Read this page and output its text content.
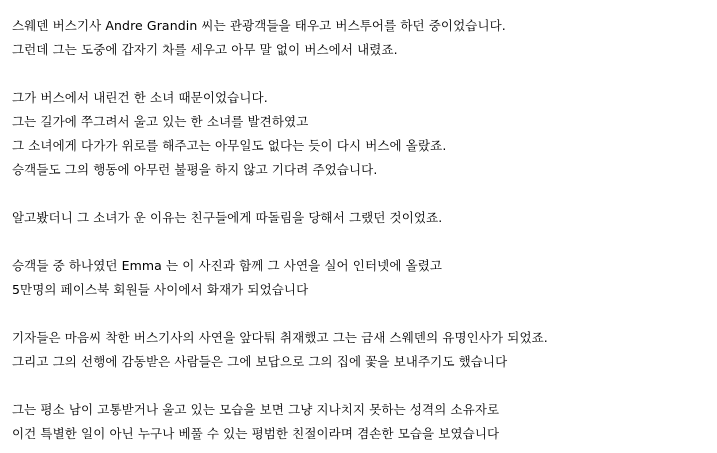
스웨덴 버스기사 Andre Grandin 씨는 관광객들을 태우고 버스투어를 하던 중이었습니다.
그런데 그는 도중에 갑자기 차를 세우고 아무 말 없이 버스에서 내렸죠.
그가 버스에서 내린건 한 소녀 때문이었습니다.
그는 길가에 쭈그려서 울고 있는 한 소녀를 발견하였고
그 소녀에게 다가가 위로를 해주고는 아무일도 없다는 듯이 다시 버스에 올랐죠.
승객들도 그의 행동에 아무런 불평을 하지 않고 기다려 주었습니다.
알고봤더니 그 소녀가 운 이유는 친구들에게 따돌림을 당해서 그랬던 것이었죠.
승객들 중 하나였던 Emma 는 이 사진과 함께 그 사연을 실어 인터넷에 올렸고
5만명의 페이스북 회원들 사이에서 화재가 되었습니다
기자들은 마음씨 착한 버스기사의 사연을 앞다퉈 취재했고 그는 금새 스웨덴의 유명인사가 되었죠.
그리고 그의 선행에 감동받은 사람들은 그에 보답으로 그의 집에 꽃을 보내주기도 했습니다
그는 평소 남이 고통받거나 울고 있는 모습을 보면 그냥 지나치지 못하는 성격의 소유자로
이건 특별한 일이 아닌 누구나 베풀 수 있는 평범한 친절이라며 겸손한 모습을 보였습니다
